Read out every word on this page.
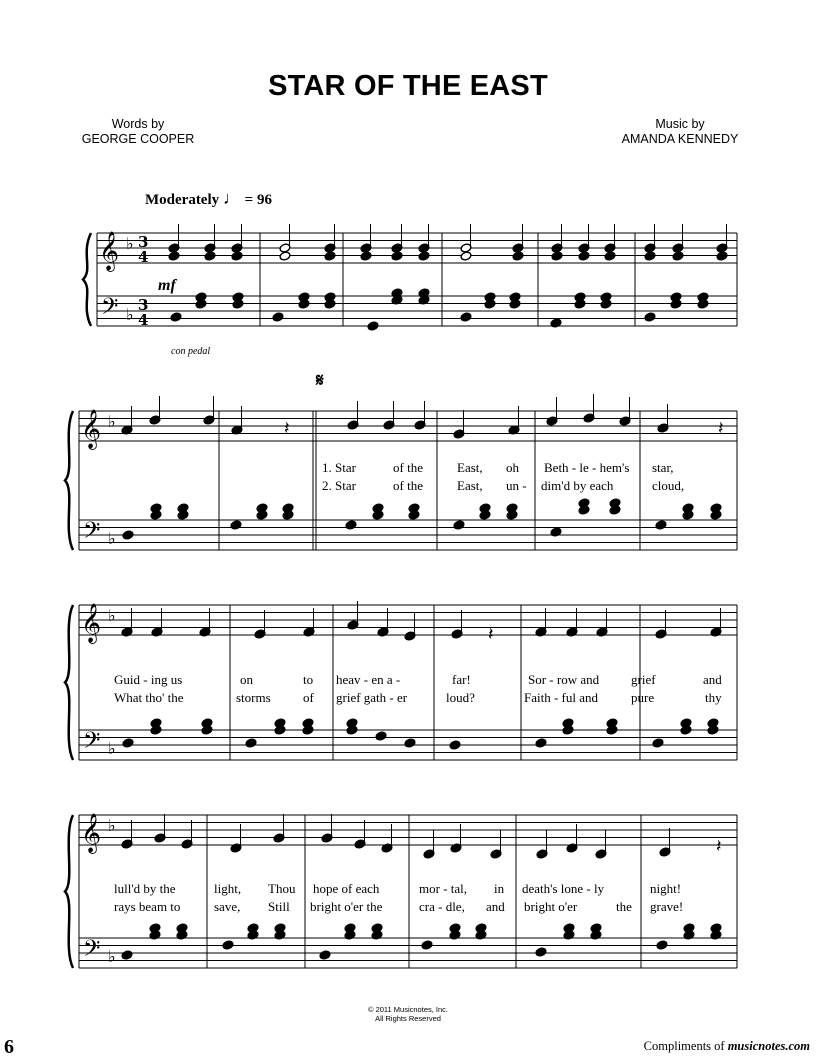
STAR OF THE EAST
Words by
GEORGE COOPER
Music by
AMANDA KENNEDY
Moderately ♩ = 96
mf
con pedal
𝄋
𝄞
𝄢
♭
♭
3
4
3
4
𝄞
𝄢
♭
♭
𝄽	𝄽
𝄞
𝄢
♭
♭
𝄽
𝄞
𝄢
♭
♭
𝄽
1. Star	of the	East, oh Beth - le - hem's star,
2. Star	of the	East, un - dim'd by each	cloud,
Guid - ing us	on	to heav - en a -	far!	Sor - row and grief	and
What tho' the	storms of grief gath - er	loud?	Faith - ful and	pure	thy
lull'd by the	light, Thou hope of each	mor - tal, in death's lone - ly	night!
rays beam to	save, Still bright o'er the	cra - dle, and bright o'er	the grave!
© 2011 Musicnotes, Inc.
All Rights Reserved
6	Compliments of musicnotes.com
